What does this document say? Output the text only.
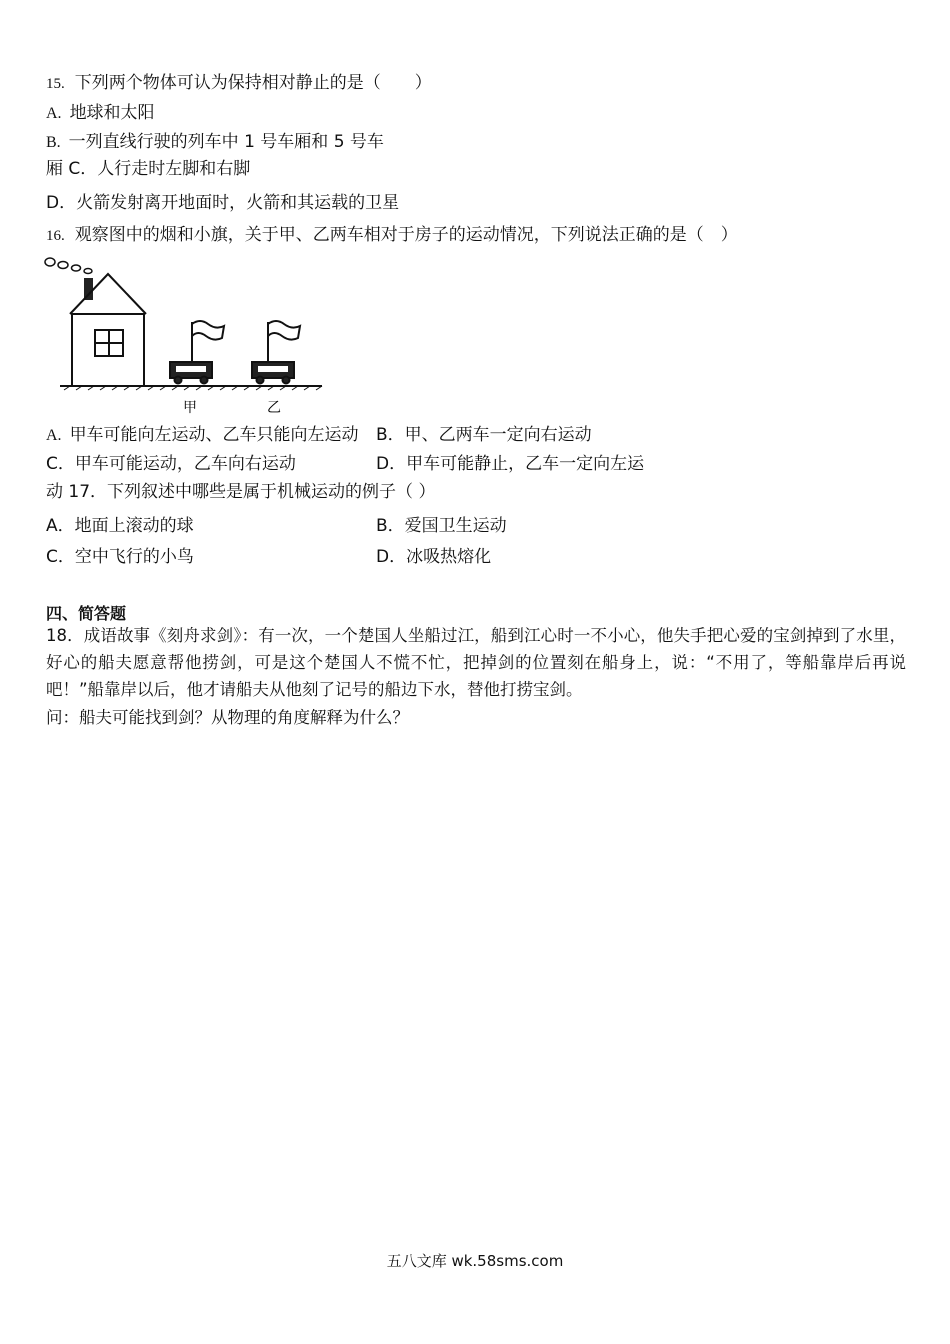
15. 下列两个物体可认为保持相对静止的是（　　）
A. 地球和太阳
B. 一列直线行驶的列车中 1 号车厢和 5 号车
厢 C．人行走时左脚和右脚
D．火箭发射离开地面时，火箭和其运载的卫星
16. 观察图中的烟和小旗，关于甲、乙两车相对于房子的运动情况，下列说法正确的是（　）
甲	乙
A. 甲车可能向左运动、乙车只能向左运动 B．甲、乙两车一定向右运动
C．甲车可能运动，乙车向右运动	D．甲车可能静止，乙车一定向左运
动 17．下列叙述中哪些是属于机械运动的例子（ ）
A．地面上滚动的球	B．爱国卫生运动
C．空中飞行的小鸟	D．冰吸热熔化
四、简答题
18．成语故事《刻舟求剑》：有一次，一个楚国人坐船过江，船到江心时一不小心，他失手把心爱的宝剑掉到了水里， 好心的船夫愿意帮他捞剑，可是这个楚国人不慌不忙，把掉剑的位置刻在船身上，说：“不用了，等船靠岸后再说吧！”船靠岸以后，他才请船夫从他刻了记号的船边下水，替他打捞宝剑。
问：船夫可能找到剑？从物理的角度解释为什么？
五八文库 wk.58sms.com
